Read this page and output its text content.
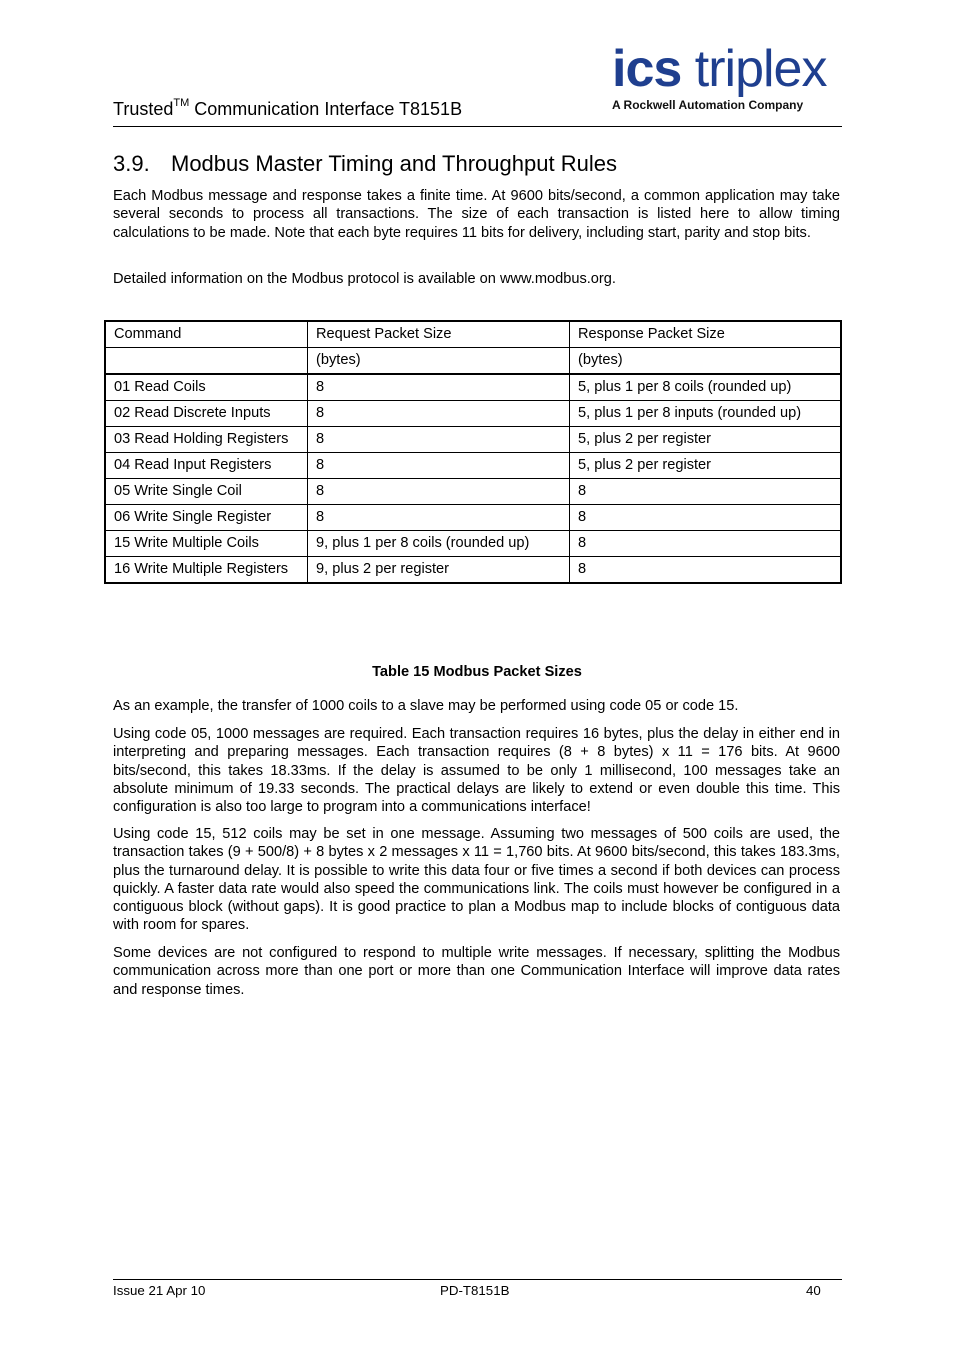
Trusted™ Communication Interface T8151B
ics triplex
A Rockwell Automation Company
3.9. Modbus Master Timing and Throughput Rules
Each Modbus message and response takes a finite time. At 9600 bits/second, a common application may take several seconds to process all transactions. The size of each transaction is listed here to allow timing calculations to be made. Note that each byte requires 11 bits for delivery, including start, parity and stop bits.
Detailed information on the Modbus protocol is available on www.modbus.org.
Command	Request Packet Size	Response Packet Size
	(bytes)	(bytes)
01 Read Coils	8	5, plus 1 per 8 coils (rounded up)
02 Read Discrete Inputs	8	5, plus 1 per 8 inputs (rounded up)
03 Read Holding Registers	8	5, plus 2 per register
04 Read Input Registers	8	5, plus 2 per register
05 Write Single Coil	8	8
06 Write Single Register	8	8
15 Write Multiple Coils	9, plus 1 per 8 coils (rounded up)	8
16 Write Multiple Registers	9, plus 2 per register	8
Table 15 Modbus Packet Sizes
As an example, the transfer of 1000 coils to a slave may be performed using code 05 or code 15.
Using code 05, 1000 messages are required. Each transaction requires 16 bytes, plus the delay in either end in interpreting and preparing messages. Each transaction requires (8 + 8 bytes) x 11 = 176 bits. At 9600 bits/second, this takes 18.33ms. If the delay is assumed to be only 1 millisecond, 100 messages take an absolute minimum of 19.33 seconds. The practical delays are likely to extend or even double this time. This configuration is also too large to program into a communications interface!
Using code 15, 512 coils may be set in one message. Assuming two messages of 500 coils are used, the transaction takes (9 + 500/8) + 8 bytes x 2 messages x 11 = 1,760 bits. At 9600 bits/second, this takes 183.3ms, plus the turnaround delay. It is possible to write this data four or five times a second if both devices can process quickly. A faster data rate would also speed the communications link. The coils must however be configured in a contiguous block (without gaps). It is good practice to plan a Modbus map to include blocks of contiguous data with room for spares.
Some devices are not configured to respond to multiple write messages. If necessary, splitting the Modbus communication across more than one port or more than one Communication Interface will improve data rates and response times.
Issue 21 Apr 10	PD-T8151B	40
